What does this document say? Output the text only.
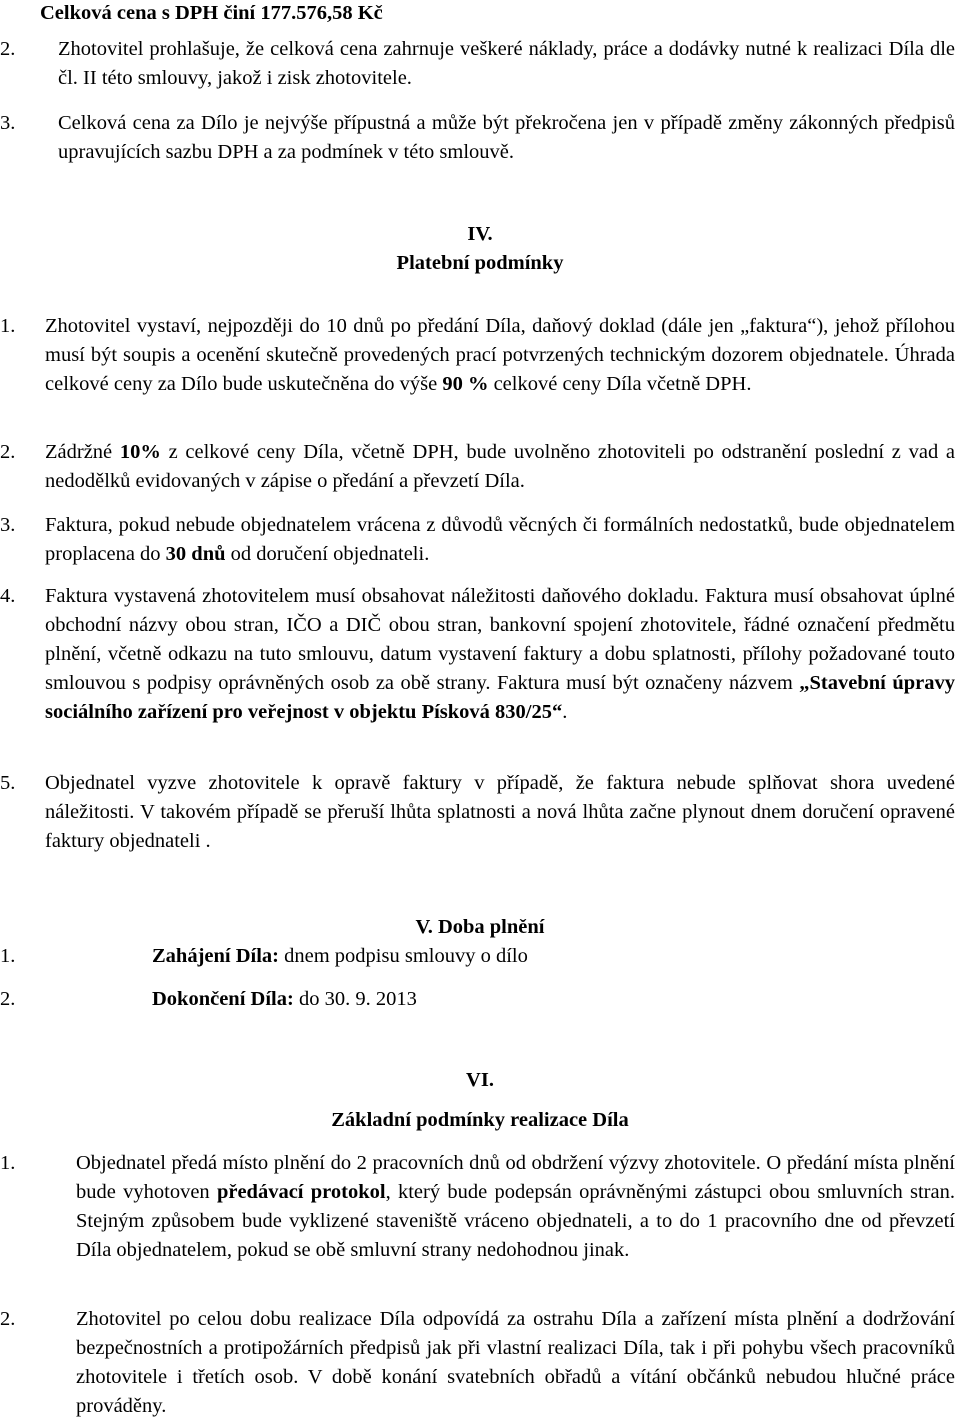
Celková cena s DPH činí 177.576,58 Kč
2. Zhotovitel prohlašuje, že celková cena zahrnuje veškeré náklady, práce a dodávky nutné k realizaci Díla dle čl. II této smlouvy, jakož i zisk zhotovitele.
3. Celková cena za Dílo je nejvýše přípustná a může být překročena jen v případě změny zákonných předpisů upravujících sazbu DPH a za podmínek v této smlouvě.
IV.
Platební podmínky
1. Zhotovitel vystaví, nejpozději do 10 dnů po předání Díla, daňový doklad (dále jen „faktura“), jehož přílohou musí být soupis a ocenění skutečně provedených prací potvrzených technickým dozorem objednatele. Úhrada celkové ceny za Dílo bude uskutečněna do výše 90 % celkové ceny Díla včetně DPH.
2. Zádržné 10% z celkové ceny Díla, včetně DPH, bude uvolněno zhotoviteli po odstranění poslední z vad a nedodělků evidovaných v zápise o předání a převzetí Díla.
3. Faktura, pokud nebude objednatelem vrácena z důvodů věcných či formálních nedostatků, bude objednatelem proplacena do 30 dnů od doručení objednateli.
4. Faktura vystavená zhotovitelem musí obsahovat náležitosti daňového dokladu. Faktura musí obsahovat úplné obchodní názvy obou stran, IČO a DIČ obou stran, bankovní spojení zhotovitele, řádné označení předmětu plnění, včetně odkazu na tuto smlouvu, datum vystavení faktury a dobu splatnosti, přílohy požadované touto smlouvou s podpisy oprávněných osob za obě strany. Faktura musí být označeny názvem „Stavební úpravy sociálního zařízení pro veřejnost v objektu Písková 830/25“.
5. Objednatel vyzve zhotovitele k opravě faktury v případě, že faktura nebude splňovat shora uvedené náležitosti. V takovém případě se přeruší lhůta splatnosti a nová lhůta začne plynout dnem doručení opravené faktury objednateli .
V. Doba plnění
1.	Zahájení Díla: dnem podpisu smlouvy o dílo
2.	Dokončení Díla: do 30. 9. 2013
VI.
Základní podmínky realizace Díla
1.	Objednatel předá místo plnění do 2 pracovních dnů od obdržení výzvy zhotovitele. O předání místa plnění bude vyhotoven předávací protokol, který bude podepsán oprávněnými zástupci obou smluvních stran. Stejným způsobem bude vyklizené staveniště vráceno objednateli, a to do 1 pracovního dne od převzetí Díla objednatelem, pokud se obě smluvní strany nedohodnou jinak.
2.	Zhotovitel po celou dobu realizace Díla odpovídá za ostrahu Díla a zařízení místa plnění a dodržování bezpečnostních a protipožárních předpisů jak při vlastní realizaci Díla, tak i při pohybu všech pracovníků zhotovitele i třetích osob. V době konání svatebních obřadů a vítání občánků nebudou hlučné práce prováděny.
